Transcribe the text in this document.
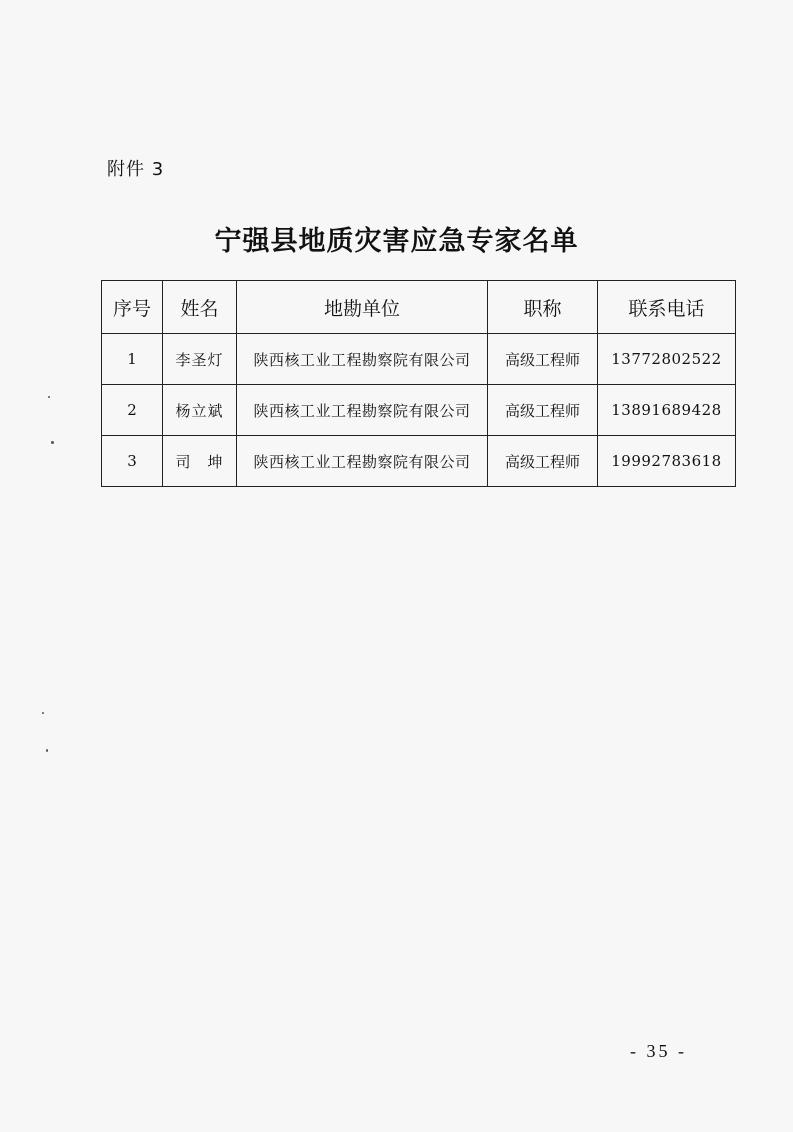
附件 3
宁强县地质灾害应急专家名单
序号	姓名	地勘单位	职称	联系电话
1	李圣灯	陕西核工业工程勘察院有限公司	高级工程师	13772802522
2	杨立斌	陕西核工业工程勘察院有限公司	高级工程师	13891689428
3	司　坤	陕西核工业工程勘察院有限公司	高级工程师	19992783618
- 35 -
